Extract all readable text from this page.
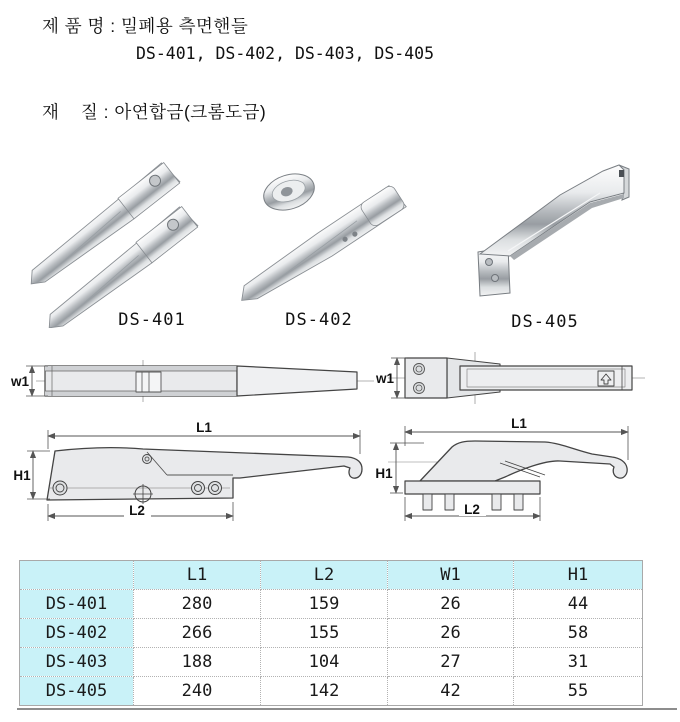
제 품 명 : 밀폐용 측면핸들
DS-401, DS-402, DS-403, DS-405
재    질 : 아연합금(크롬도금)
DS-401	DS-402	DS-405
w1	w1
L1
H1
L2
L1
H1
L2
	L1	L2	W1	H1
DS-401	280	159	26	44
DS-402	266	155	26	58
DS-403	188	104	27	31
DS-405	240	142	42	55
